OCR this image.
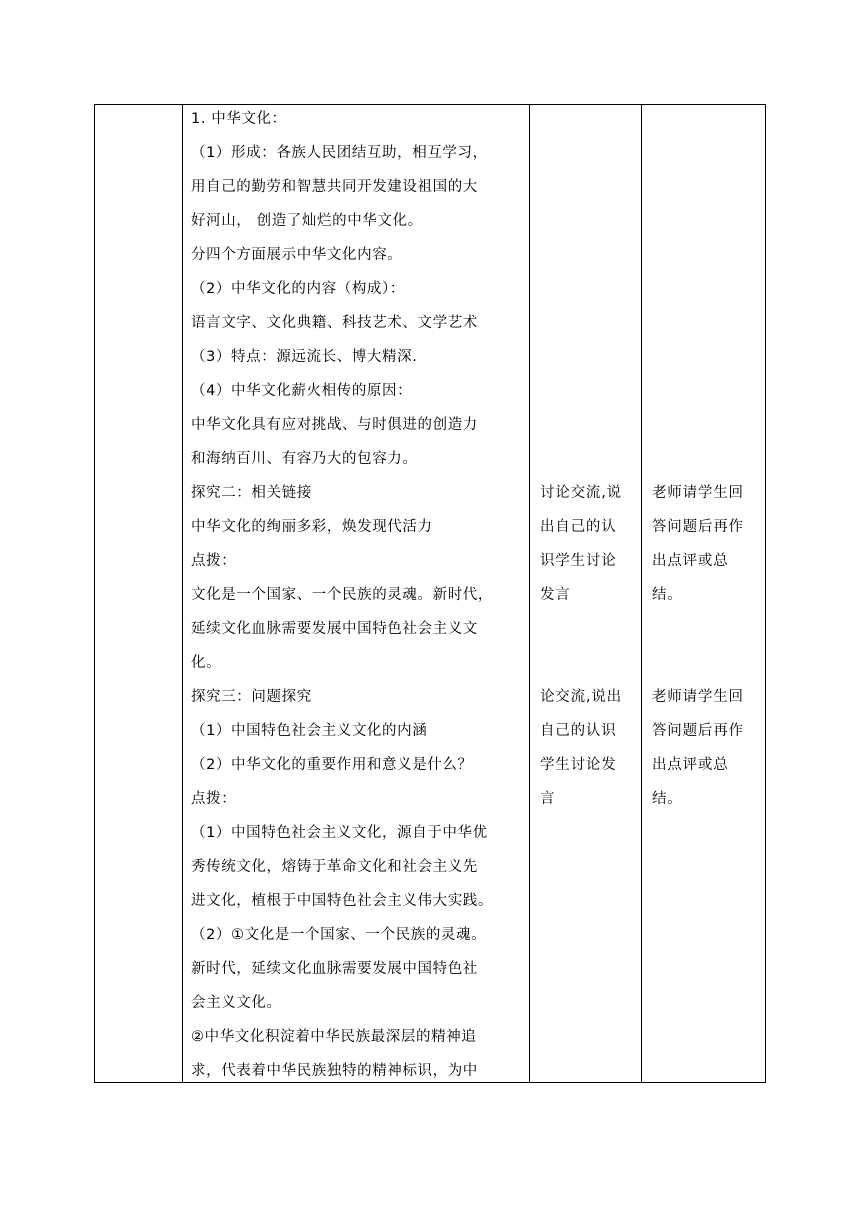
1. 中华文化：

（1）形成：各族人民团结互助，相互学习，

用自己的勤劳和智慧共同开发建设祖国的大

好河山， 创造了灿烂的中华文化。

分四个方面展示中华文化内容。

（2）中华文化的内容（构成）：

语言文字、文化典籍、科技艺术、文学艺术

（3）特点：源远流长、博大精深.

（4）中华文化薪火相传的原因：

中华文化具有应对挑战、与时俱进的创造力

和海纳百川、有容乃大的包容力。

探究二：相关链接

中华文化的绚丽多彩，焕发现代活力

点拨：

文化是一个国家、一个民族的灵魂。新时代，

延续文化血脉需要发展中国特色社会主义文

化。

探究三：问题探究

（1）中国特色社会主义文化的内涵

（2）中华文化的重要作用和意义是什么？

点拨：

（1）中国特色社会主义文化，源自于中华优

秀传统文化，熔铸于革命文化和社会主义先

进文化，植根于中国特色社会主义伟大实践。

（2）①文化是一个国家、一个民族的灵魂。

新时代，延续文化血脉需要发展中国特色社

会主义文化。

②中华文化积淀着中华民族最深层的精神追

求，代表着中华民族独特的精神标识，为中

讨论交流,说

出自己的认

识学生讨论

发言

论交流,说出

自己的认识

学生讨论发

言

老师请学生回

答问题后再作

出点评或总

结。

老师请学生回

答问题后再作

出点评或总

结。
